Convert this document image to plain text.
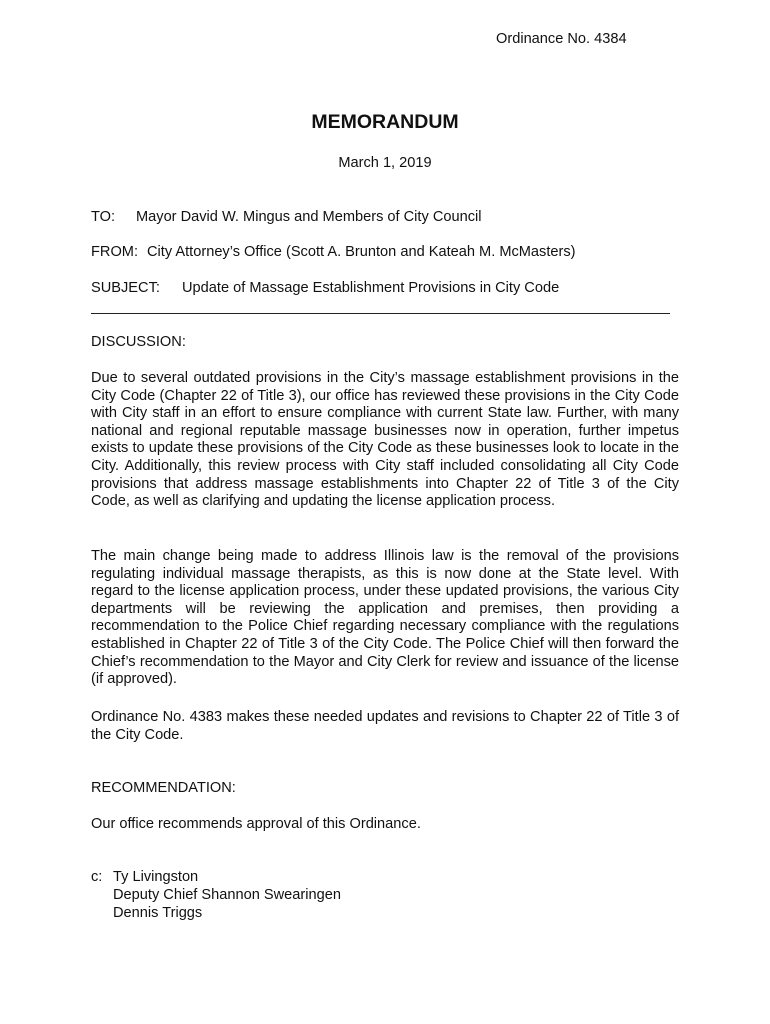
Ordinance No. 4384
MEMORANDUM
March 1, 2019
TO: Mayor David W. Mingus and Members of City Council
FROM: City Attorney’s Office (Scott A. Brunton and Kateah M. McMasters)
SUBJECT: Update of Massage Establishment Provisions in City Code
DISCUSSION:

Due to several outdated provisions in the City’s massage establishment provisions in the City Code (Chapter 22 of Title 3), our office has reviewed these provisions in the City Code with City staff in an effort to ensure compliance with current State law. Further, with many national and regional reputable massage businesses now in operation, further impetus exists to update these provisions of the City Code as these businesses look to locate in the City. Additionally, this review process with City staff included consolidating all City Code provisions that address massage establishments into Chapter 22 of Title 3 of the City Code, as well as clarifying and updating the license application process.

The main change being made to address Illinois law is the removal of the provisions regulating individual massage therapists, as this is now done at the State level. With regard to the license application process, under these updated provisions, the various City departments will be reviewing the application and premises, then providing a recommendation to the Police Chief regarding necessary compliance with the regulations established in Chapter 22 of Title 3 of the City Code. The Police Chief will then forward the Chief’s recommendation to the Mayor and City Clerk for review and issuance of the license (if approved).

Ordinance No. 4383 makes these needed updates and revisions to Chapter 22 of Title 3 of the City Code.

RECOMMENDATION:

Our office recommends approval of this Ordinance.

c: Ty Livingston
Deputy Chief Shannon Swearingen
Dennis Triggs
